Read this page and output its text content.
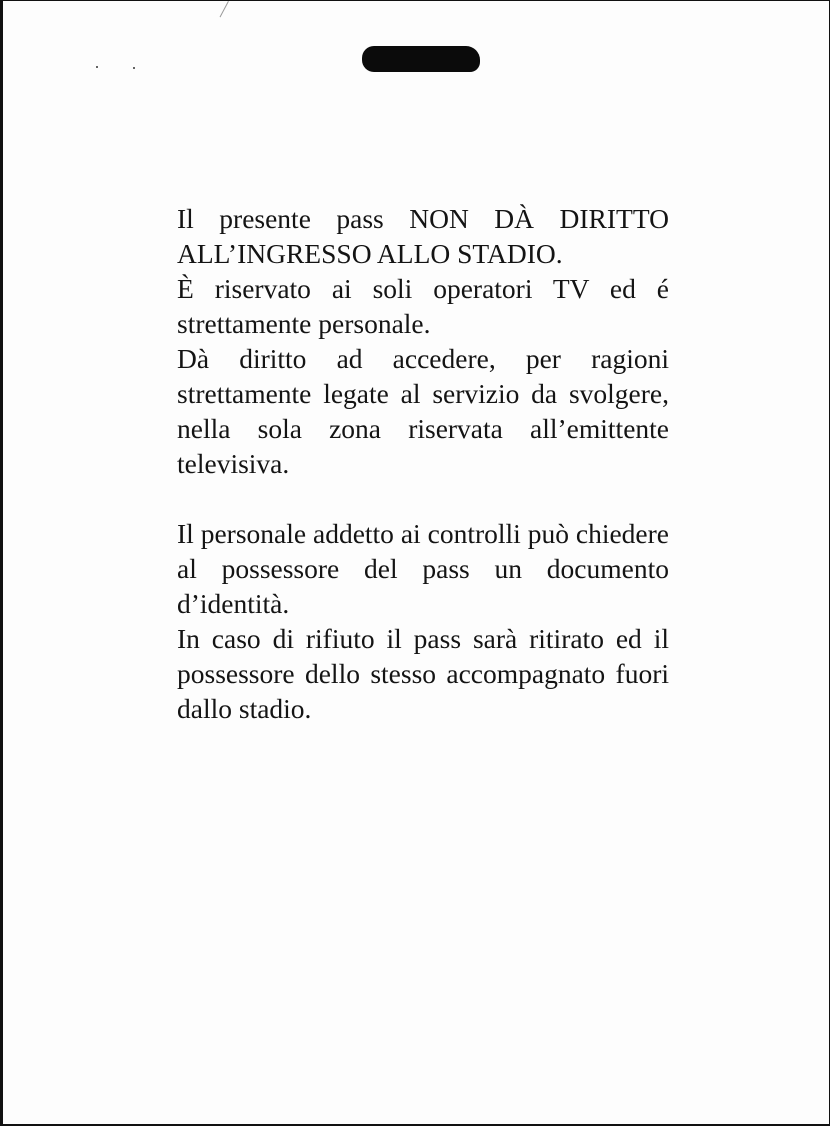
Il presente pass NON DÀ DIRITTO ALL’INGRESSO ALLO STADIO.

È riservato ai soli operatori TV ed é strettamente personale.

Dà diritto ad accedere, per ragioni strettamente legate al servizio da svolgere, nella sola zona riservata all’emittente televisiva.

Il personale addetto ai controlli può chiedere al possessore del pass un documento d’identità.

In caso di rifiuto il pass sarà ritirato ed il possessore dello stesso accompagnato fuori dallo stadio.
